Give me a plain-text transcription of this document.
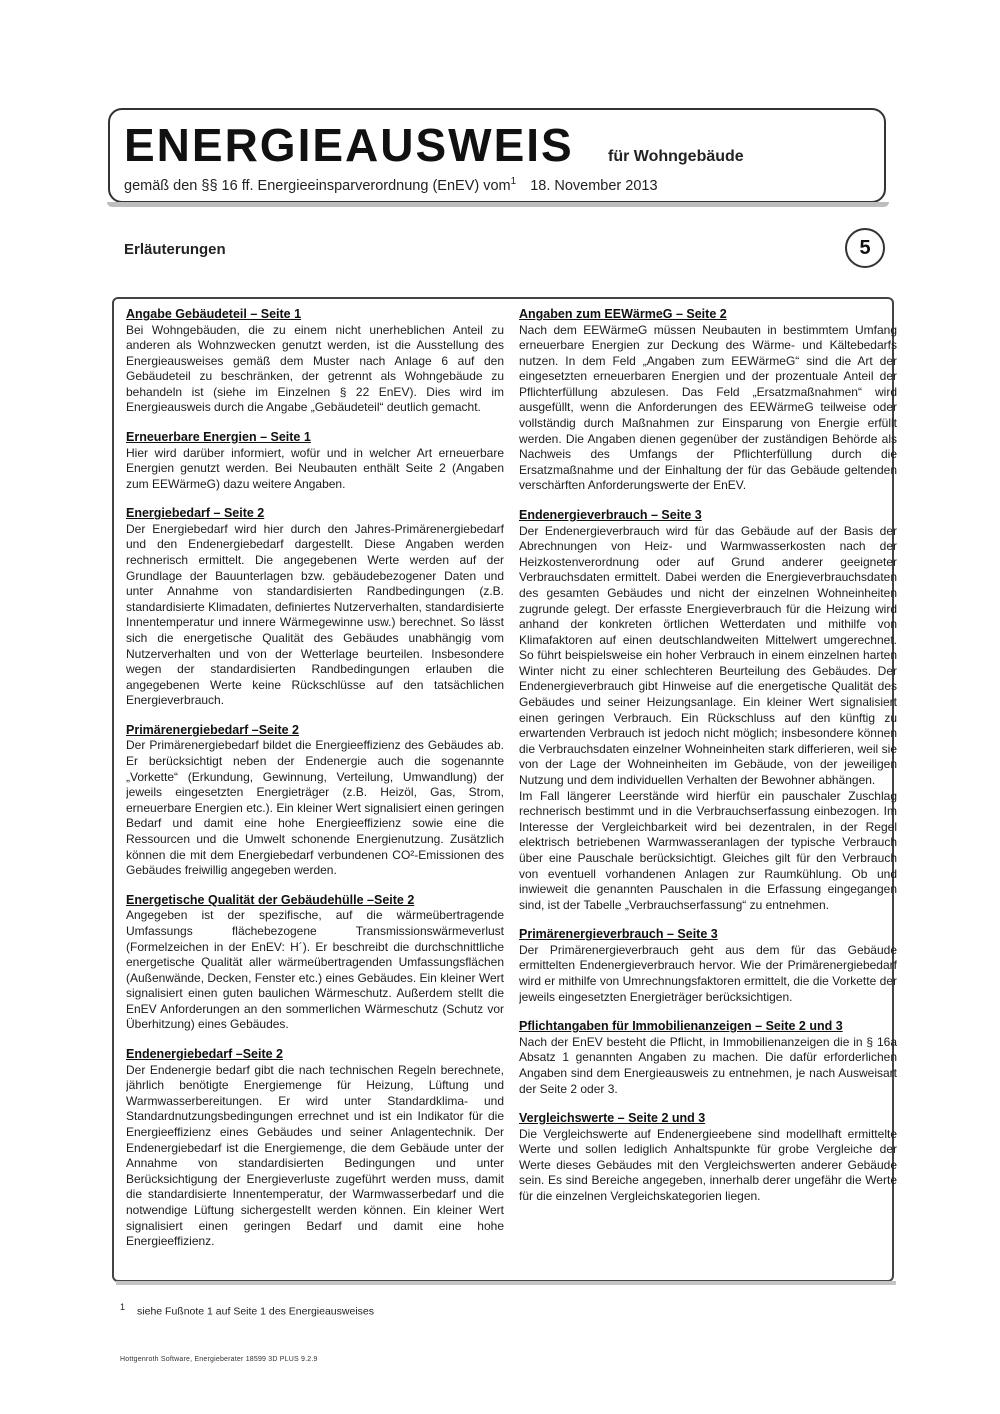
ENERGIEAUSWEIS für Wohngebäude

gemäß den §§ 16 ff. Energieeinsparverordnung (EnEV) vom$^1$ 18. November 2013

Erläuterungen	5
Angabe Gebäudeteil – Seite 1

Bei Wohngebäuden, die zu einem nicht unerheblichen Anteil zu anderen als Wohnzwecken genutzt werden, ist die Ausstellung des Energieausweises gemäß dem Muster nach Anlage 6 auf den Gebäudeteil zu beschränken, der getrennt als Wohngebäude zu behandeln ist (siehe im Einzelnen § 22 EnEV). Dies wird im Energieausweis durch die Angabe „Gebäudeteil“ deutlich gemacht.

Erneuerbare Energien – Seite 1

Hier wird darüber informiert, wofür und in welcher Art erneuerbare Energien genutzt werden. Bei Neubauten enthält Seite 2 (Angaben zum EEWärmeG) dazu weitere Angaben.

Energiebedarf – Seite 2

Der Energiebedarf wird hier durch den Jahres-Primärenergiebedarf und den Endenergiebedarf dargestellt. Diese Angaben werden rechnerisch ermittelt. Die angegebenen Werte werden auf der Grundlage der Bauunterlagen bzw. gebäudebezogener Daten und unter Annahme von standardisierten Randbedingungen (z.B. standardisierte Klimadaten, definiertes Nutzerverhalten, standardisierte Innentemperatur und innere Wärmegewinne usw.) berechnet. So lässt sich die energetische Qualität des Gebäudes unabhängig vom Nutzerverhalten und von der Wetterlage beurteilen. Insbesondere wegen der standardisierten Randbedingungen erlauben die angegebenen Werte keine Rückschlüsse auf den tatsächlichen Energieverbrauch.

Primärenergiebedarf –Seite 2

Der Primärenergiebedarf bildet die Energieeffizienz des Gebäudes ab. Er berücksichtigt neben der Endenergie auch die sogenannte „Vorkette“ (Erkundung, Gewinnung, Verteilung, Umwandlung) der jeweils eingesetzten Energieträger (z.B. Heizöl, Gas, Strom, erneuerbare Energien etc.). Ein kleiner Wert signalisiert einen geringen Bedarf und damit eine hohe Energieeffizienz sowie eine die Ressourcen und die Umwelt schonende Energienutzung. Zusätzlich können die mit dem Energiebedarf verbundenen CO²-Emissionen des Gebäudes freiwillig angegeben werden.

Energetische Qualität der Gebäudehülle –Seite 2

Angegeben ist der spezifische, auf die wärmeübertragende Umfassungs flächebezogene Transmissionswärmeverlust (Formelzeichen in der EnEV: H´). Er beschreibt die durchschnittliche energetische Qualität aller wärmeübertragenden Umfassungsflächen (Außenwände, Decken, Fenster etc.) eines Gebäudes. Ein kleiner Wert signalisiert einen guten baulichen Wärmeschutz. Außerdem stellt die EnEV Anforderungen an den sommerlichen Wärmeschutz (Schutz vor Überhitzung) eines Gebäudes.

Endenergiebedarf –Seite 2

Der Endenergie bedarf gibt die nach technischen Regeln berechnete, jährlich benötigte Energiemenge für Heizung, Lüftung und Warmwasserbereitungen. Er wird unter Standardklima- und Standardnutzungsbedingungen errechnet und ist ein Indikator für die Energieeffizienz eines Gebäudes und seiner Anlagentechnik. Der Endenergiebedarf ist die Energiemenge, die dem Gebäude unter der Annahme von standardisierten Bedingungen und unter Berücksichtigung der Energieverluste zugeführt werden muss, damit die standardisierte Innentemperatur, der Warmwasserbedarf und die notwendige Lüftung sichergestellt werden können. Ein kleiner Wert signalisiert einen geringen Bedarf und damit eine hohe Energieeffizienz.

Angaben zum EEWärmeG – Seite 2

Nach dem EEWärmeG müssen Neubauten in bestimmtem Umfang erneuerbare Energien zur Deckung des Wärme- und Kältebedarfs nutzen. In dem Feld „Angaben zum EEWärmeG“ sind die Art der eingesetzten erneuerbaren Energien und der prozentuale Anteil der Pflichterfüllung abzulesen. Das Feld „Ersatzmaßnahmen“ wird ausgefüllt, wenn die Anforderungen des EEWärmeG teilweise oder vollständig durch Maßnahmen zur Einsparung von Energie erfüllt werden. Die Angaben dienen gegenüber der zuständigen Behörde als Nachweis des Umfangs der Pflichterfüllung durch die Ersatzmaßnahme und der Einhaltung der für das Gebäude geltenden verschärften Anforderungswerte der EnEV.

Endenergieverbrauch – Seite 3

Der Endenergieverbrauch wird für das Gebäude auf der Basis der Abrechnungen von Heiz- und Warmwasserkosten nach der Heizkostenverordnung oder auf Grund anderer geeigneter Verbrauchsdaten ermittelt. Dabei werden die Energieverbrauchsdaten des gesamten Gebäudes und nicht der einzelnen Wohneinheiten zugrunde gelegt. Der erfasste Energieverbrauch für die Heizung wird anhand der konkreten örtlichen Wetterdaten und mithilfe von Klimafaktoren auf einen deutschlandweiten Mittelwert umgerechnet. So führt beispielsweise ein hoher Verbrauch in einem einzelnen harten Winter nicht zu einer schlechteren Beurteilung des Gebäudes. Der Endenergieverbrauch gibt Hinweise auf die energetische Qualität des Gebäudes und seiner Heizungsanlage. Ein kleiner Wert signalisiert einen geringen Verbrauch. Ein Rückschluss auf den künftig zu erwartenden Verbrauch ist jedoch nicht möglich; insbesondere können die Verbrauchsdaten einzelner Wohneinheiten stark differieren, weil sie von der Lage der Wohneinheiten im Gebäude, von der jeweiligen Nutzung und dem individuellen Verhalten der Bewohner abhängen.

Im Fall längerer Leerstände wird hierfür ein pauschaler Zuschlag rechnerisch bestimmt und in die Verbrauchserfassung einbezogen. Im Interesse der Vergleichbarkeit wird bei dezentralen, in der Regel elektrisch betriebenen Warmwasseranlagen der typische Verbrauch über eine Pauschale berücksichtigt. Gleiches gilt für den Verbrauch von eventuell vorhandenen Anlagen zur Raumkühlung. Ob und inwieweit die genannten Pauschalen in die Erfassung eingegangen sind, ist der Tabelle „Verbrauchserfassung“ zu entnehmen.

Primärenergieverbrauch – Seite 3

Der Primärenergieverbrauch geht aus dem für das Gebäude ermittelten Endenergieverbrauch hervor. Wie der Primärenergiebedarf wird er mithilfe von Umrechnungsfaktoren ermittelt, die die Vorkette der jeweils eingesetzten Energieträger berücksichtigen.

Pflichtangaben für Immobilienanzeigen – Seite 2 und 3

Nach der EnEV besteht die Pflicht, in Immobilienanzeigen die in § 16a Absatz 1 genannten Angaben zu machen. Die dafür erforderlichen Angaben sind dem Energieausweis zu entnehmen, je nach Ausweisart der Seite 2 oder 3.

Vergleichswerte – Seite 2 und 3

Die Vergleichswerte auf Endenergieebene sind modellhaft ermittelte Werte und sollen lediglich Anhaltspunkte für grobe Vergleiche der Werte dieses Gebäudes mit den Vergleichswerten anderer Gebäude sein. Es sind Bereiche angegeben, innerhalb derer ungefähr die Werte für die einzelnen Vergleichskategorien liegen.

1 siehe Fußnote 1 auf Seite 1 des Energieausweises

Hottgenroth Software, Energieberater 18599 3D PLUS 9.2.9
